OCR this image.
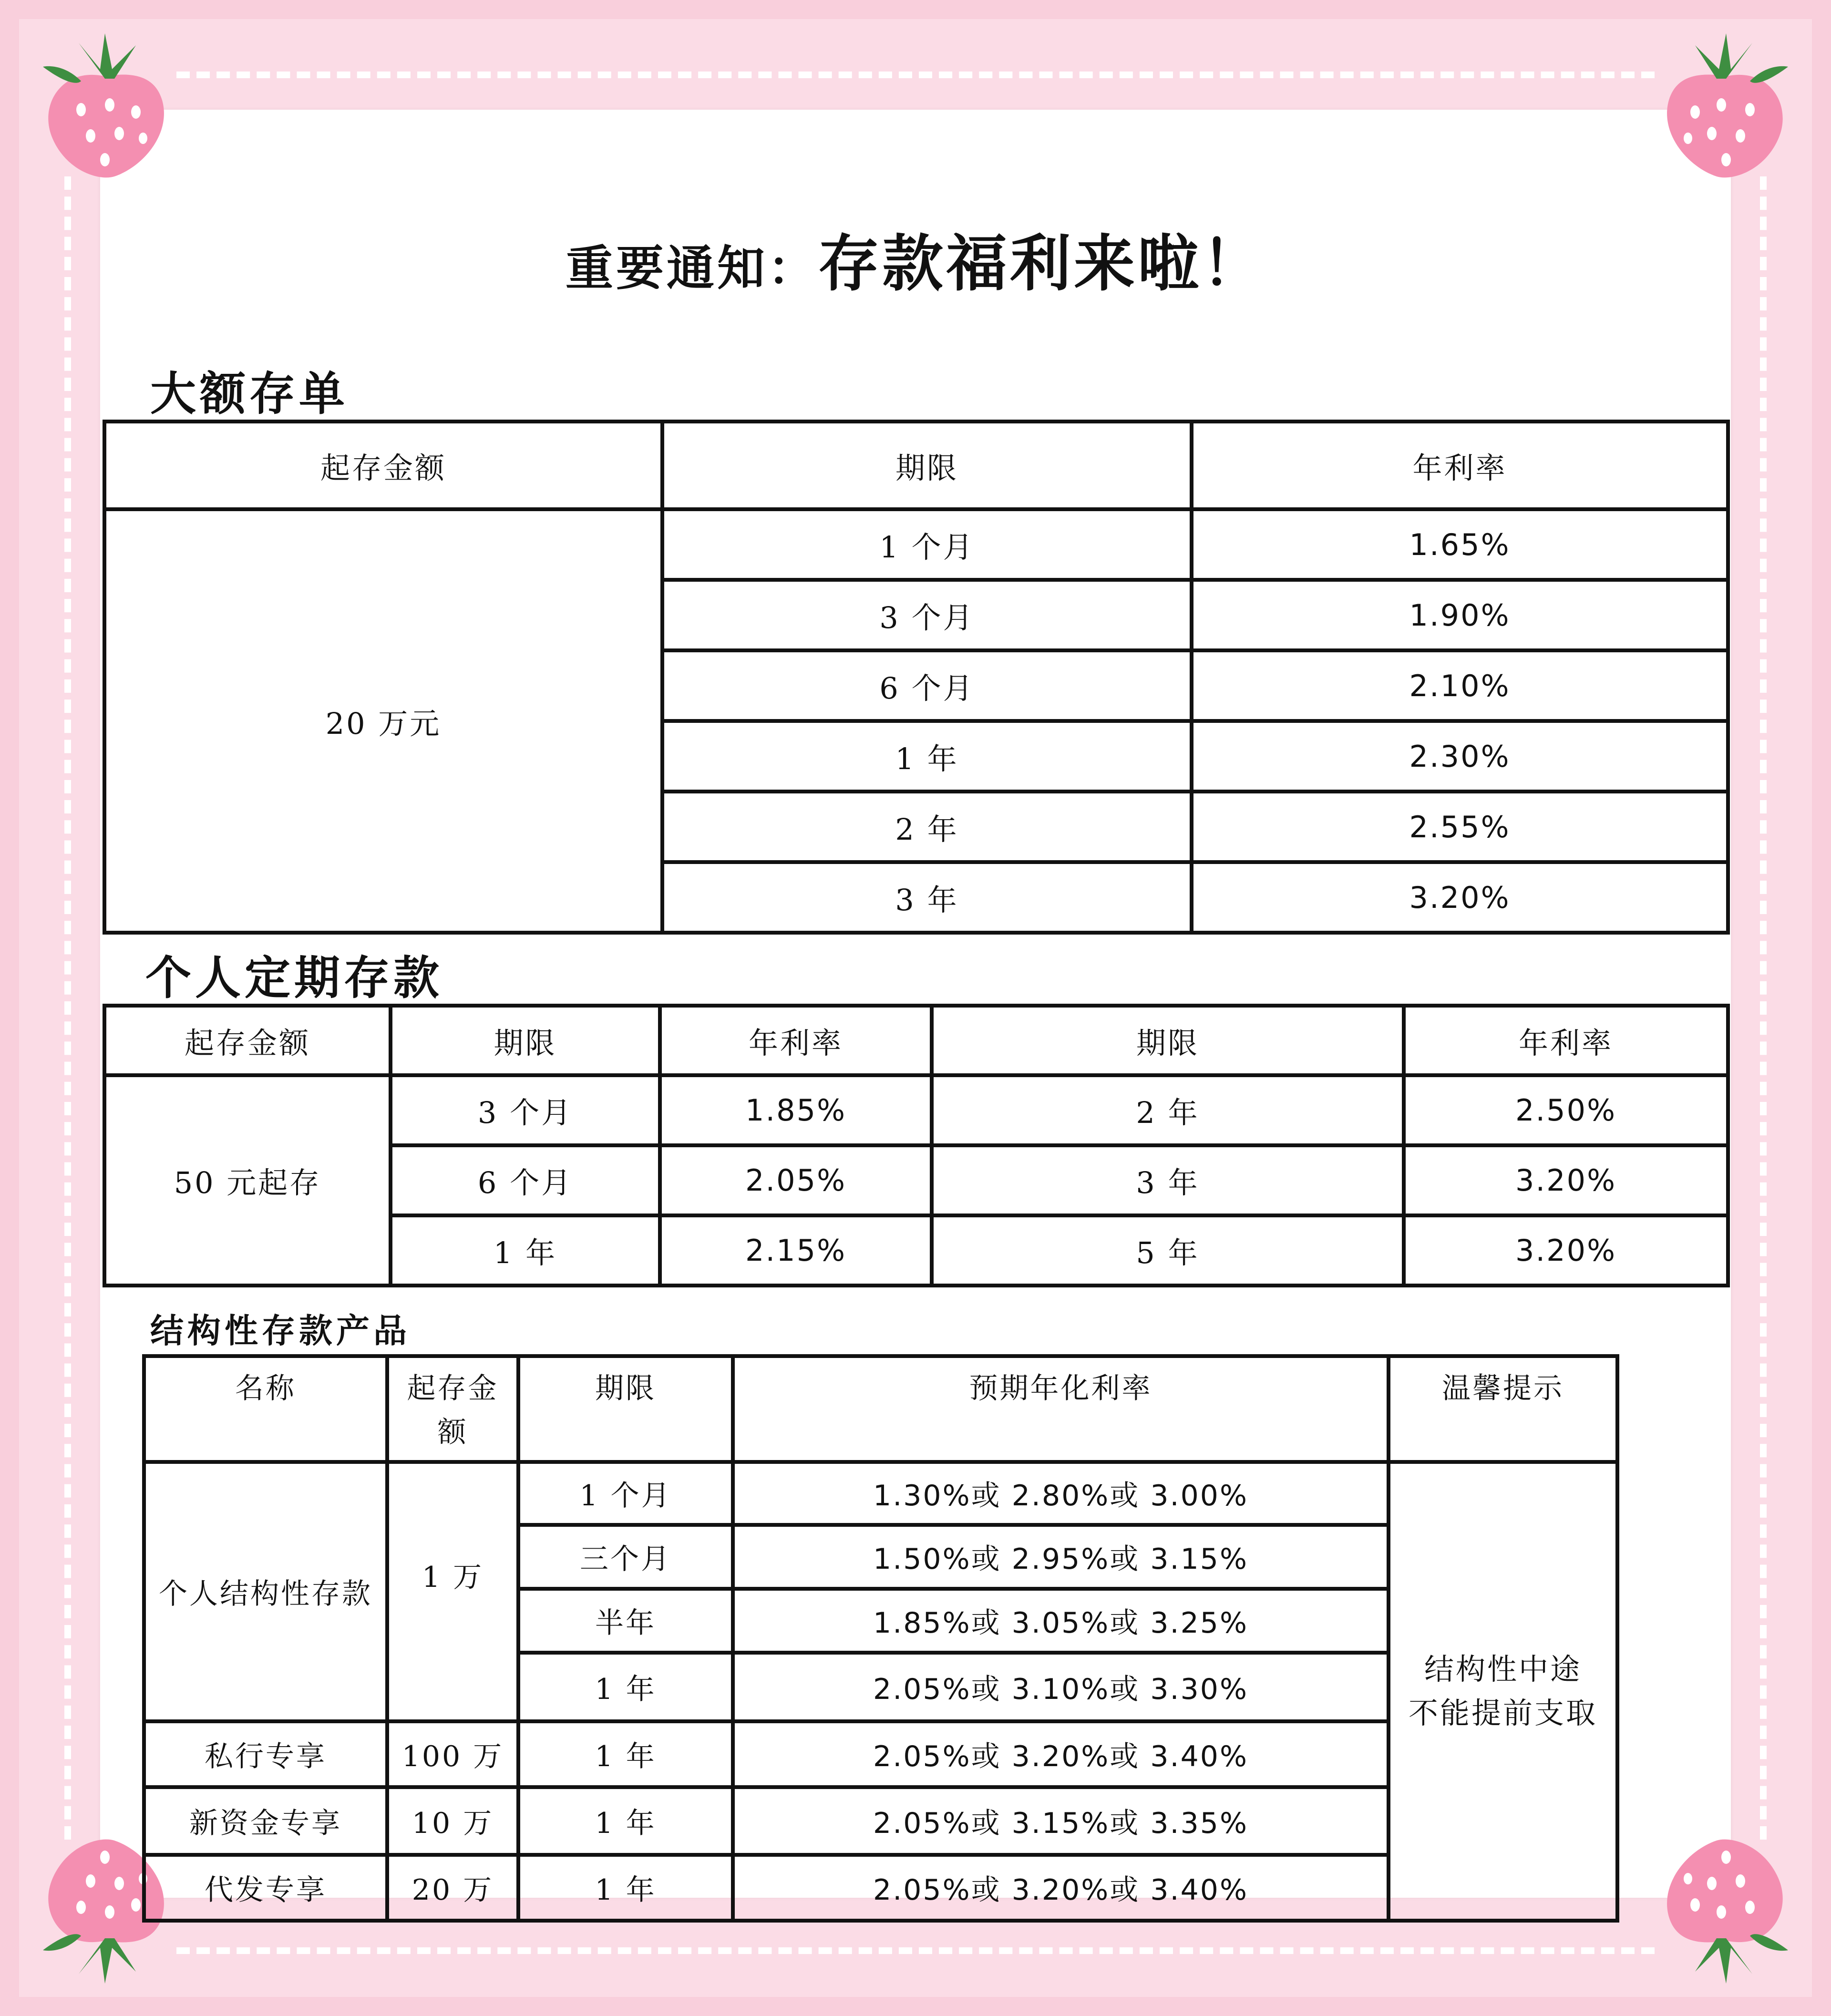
重要通知：存款福利来啦！
大额存单
起存金额	期限	年利率
20 万元	1 个月	1.65%
	3 个月	1.90%
	6 个月	2.10%
	1 年	2.30%
	2 年	2.55%
	3 年	3.20%
个人定期存款
起存金额	期限	年利率	期限	年利率
50 元起存	3 个月	1.85%	2 年	2.50%
	6 个月	2.05%	3 年	3.20%
	1 年	2.15%	5 年	3.20%
结构性存款产品
名称	起存金额	期限	预期年化利率	温馨提示
个人结构性存款	1 万	1 个月	1.30%或 2.80%或 3.00%	结构性中途
不能提前支取

		三个月	1.50%或 2.95%或 3.15%	
		半年	1.85%或 3.05%或 3.25%	
		1 年	2.05%或 3.10%或 3.30%	
私行专享	100 万	1 年	2.05%或 3.20%或 3.40%	
新资金专享	10 万	1 年	2.05%或 3.15%或 3.35%	
代发专享	20 万	1 年	2.05%或 3.20%或 3.40%	
